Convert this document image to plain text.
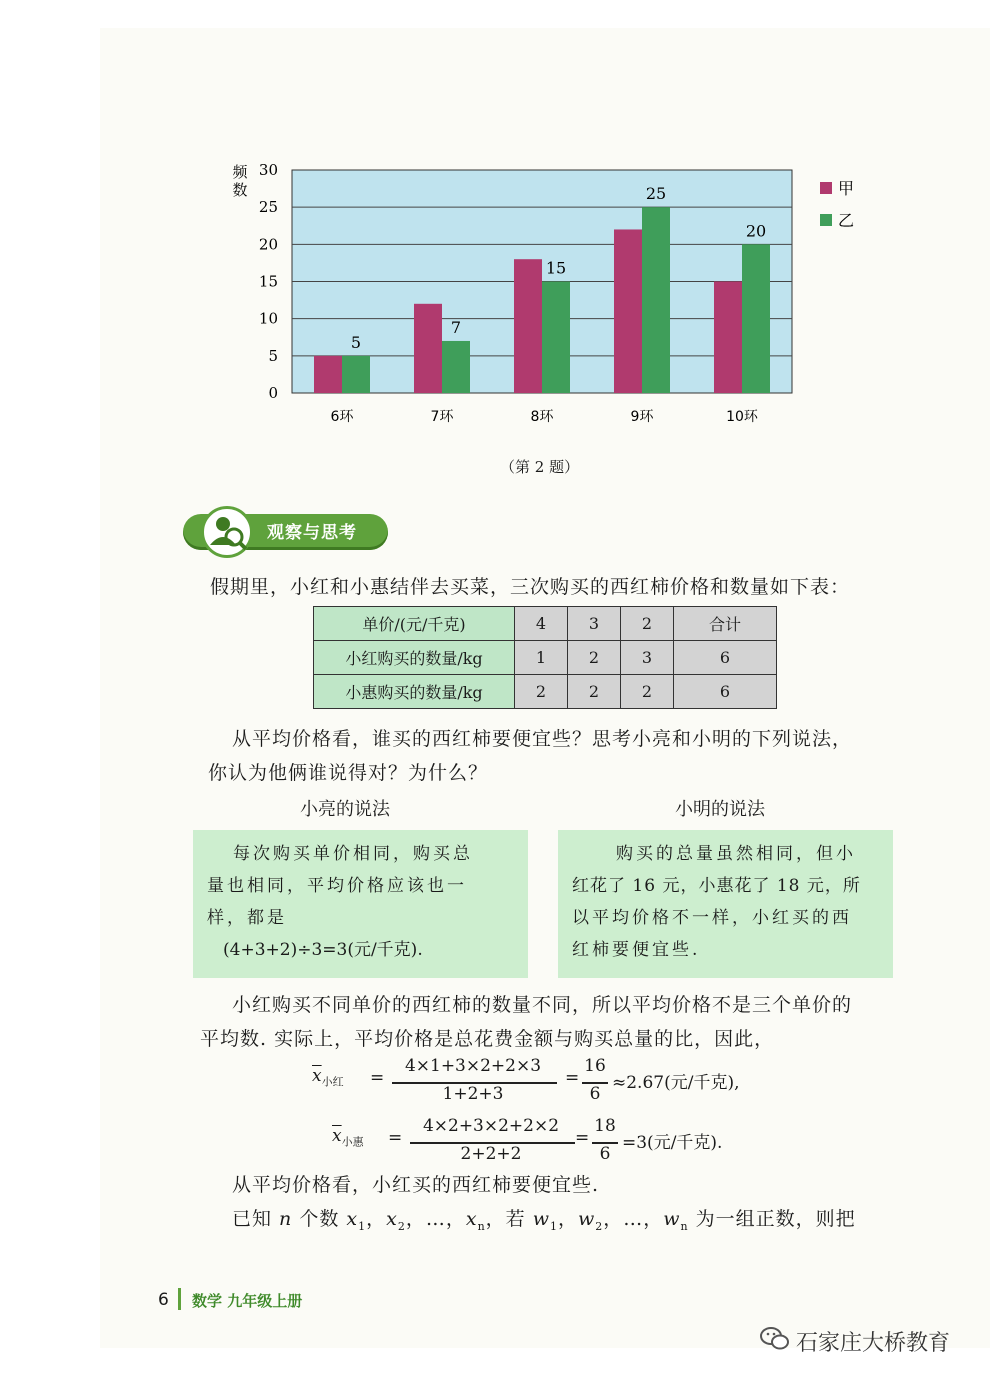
0
5
10
15
20
25
30
频
数
5
6环
7
7环
15
8环
25
9环
20
10环
甲
乙
（第 2 题）
观察与思考
假期里，小红和小惠结伴去买菜，三次购买的西红柿价格和数量如下表：
单价/(元/千克)	4	3	2	合计
小红购买的数量/kg	1	2	3	6
小惠购买的数量/kg	2	2	2	6
从平均价格看，谁买的西红柿要便宜些？思考小亮和小明的下列说法，
你认为他俩谁说得对？为什么？
小亮的说法	小明的说法
每次购买单价相同，购买总
量也相同，平均价格应该也一
样，都是
(4+3+2)÷3=3(元/千克).
购买的总量虽然相同，但小
红花了 16 元，小惠花了 18 元，所
以平均价格不一样，小红买的西
红柿要便宜些.
小红购买不同单价的西红柿的数量不同，所以平均价格不是三个单价的
平均数. 实际上，平均价格是总花费金额与购买总量的比，因此，
$\overline{x}_{小红}$ =
4×1+3×2+2×3
1+2+3
=
16
6
≈2.67(元/千克),
$\overline{x}_{小惠}$ =
4×2+3×2+2×2
2+2+2
=
18
6
=3(元/千克).
从平均价格看，小红买的西红柿要便宜些.
已知 n 个数 $x_1$，$x_2$，…，$x_n$，若 $w_1$，$w_2$，…，$w_n$ 为一组正数，则把
6 数学 九年级上册
石家庄大桥教育
